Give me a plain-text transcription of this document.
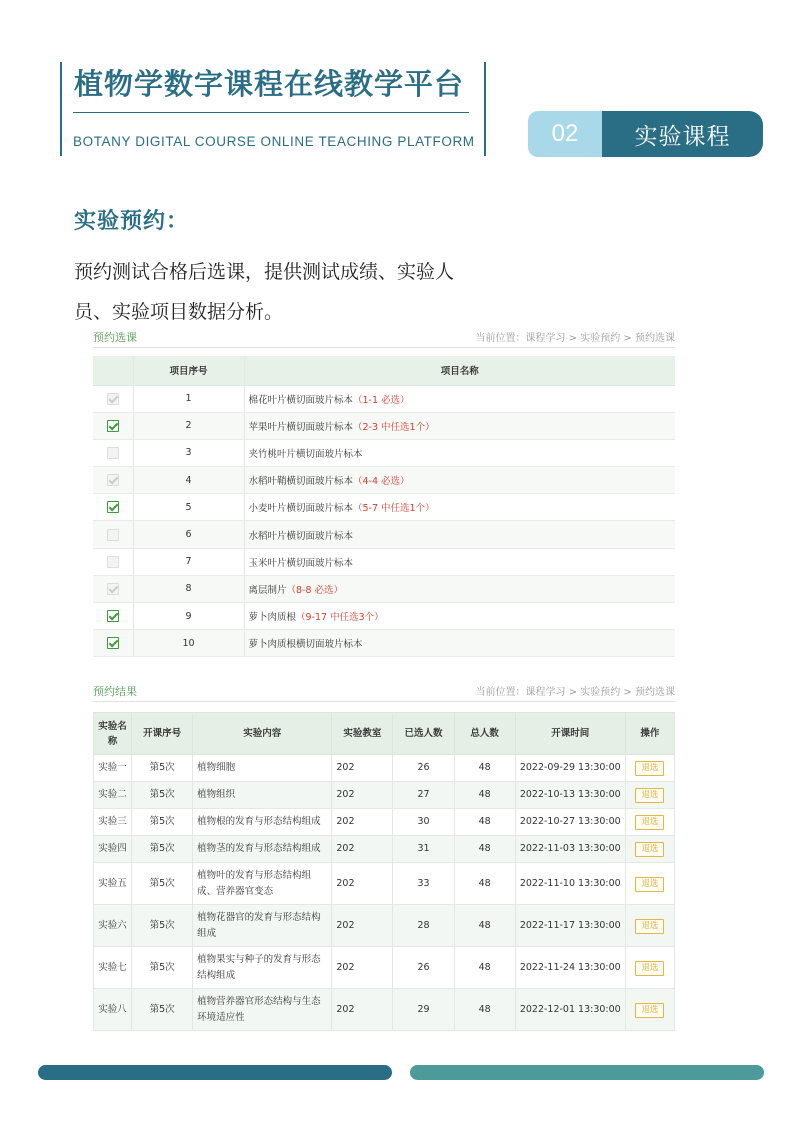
植物学数字课程在线教学平台
BOTANY DIGITAL COURSE ONLINE TEACHING PLATFORM	02	实验课程
实验预约：
预约测试合格后选课，提供测试成绩、实验人员、实验项目数据分析。
预约选课	当前位置：课程学习 > 实验预约 > 预约选课
	项目序号	项目名称
	1	棉花叶片横切面玻片标本（1-1 必选）
	2	苹果叶片横切面玻片标本（2-3 中任选1个）
	3	夹竹桃叶片横切面玻片标本
	4	水稻叶鞘横切面玻片标本（4-4 必选）
	5	小麦叶片横切面玻片标本（5-7 中任选1个）
	6	水稻叶片横切面玻片标本
	7	玉米叶片横切面玻片标本
	8	离层制片（8-8 必选）
	9	萝卜肉质根（9-17 中任选3个）
	10	萝卜肉质根横切面玻片标本
预约结果	当前位置：课程学习 > 实验预约 > 预约选课
实验名称	开课序号	实验内容	实验教室	已选人数	总人数	开课时间	操作
实验一	第5次	植物细胞	202	26	48	2022-09-29 13:30:00	退选
实验二	第5次	植物组织	202	27	48	2022-10-13 13:30:00	退选
实验三	第5次	植物根的发育与形态结构组成	202	30	48	2022-10-27 13:30:00	退选
实验四	第5次	植物茎的发育与形态结构组成	202	31	48	2022-11-03 13:30:00	退选
实验五	第5次	植物叶的发育与形态结构组成、营养器官变态	202	33	48	2022-11-10 13:30:00	退选
实验六	第5次	植物花器官的发育与形态结构组成	202	28	48	2022-11-17 13:30:00	退选
实验七	第5次	植物果实与种子的发育与形态结构组成	202	26	48	2022-11-24 13:30:00	退选
实验八	第5次	植物营养器官形态结构与生态环境适应性	202	29	48	2022-12-01 13:30:00	退选
